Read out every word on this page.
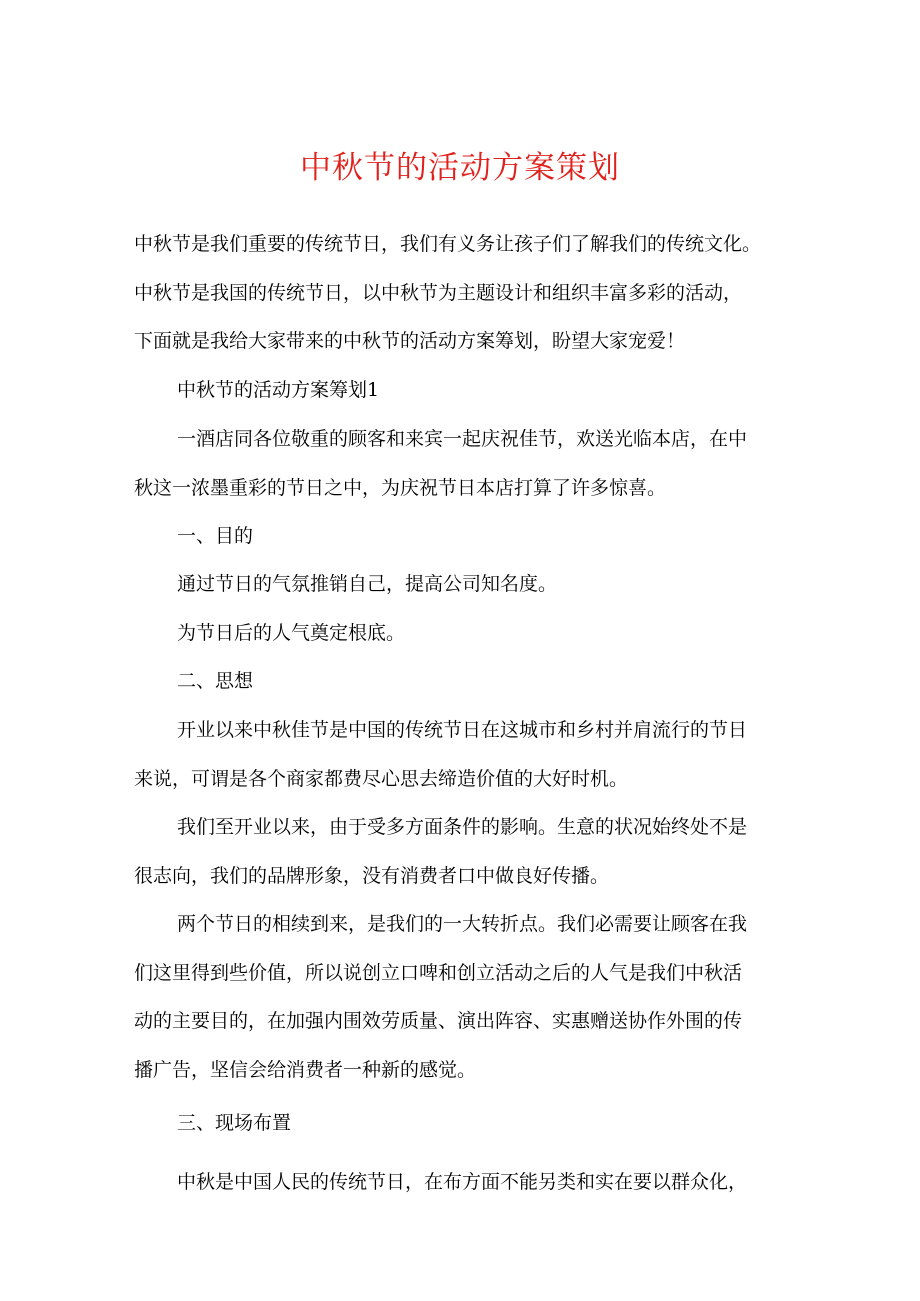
中秋节的活动方案策划

中秋节是我们重要的传统节日，我们有义务让孩子们了解我们的传统文化。
中秋节是我国的传统节日，以中秋节为主题设计和组织丰富多彩的活动，
下面就是我给大家带来的中秋节的活动方案筹划，盼望大家宠爱！

中秋节的活动方案筹划1

一酒店同各位敬重的顾客和来宾一起庆祝佳节，欢送光临本店，在中
秋这一浓墨重彩的节日之中，为庆祝节日本店打算了许多惊喜。

一、目的

通过节日的气氛推销自己，提高公司知名度。

为节日后的人气奠定根底。

二、思想

开业以来中秋佳节是中国的传统节日在这城市和乡村并肩流行的节日
来说，可谓是各个商家都费尽心思去缔造价值的大好时机。

我们至开业以来，由于受多方面条件的影响。生意的状况始终处不是
很志向，我们的品牌形象，没有消费者口中做良好传播。

两个节日的相续到来，是我们的一大转折点。我们必需要让顾客在我
们这里得到些价值，所以说创立口啤和创立活动之后的人气是我们中秋活
动的主要目的，在加强内围效劳质量、演出阵容、实惠赠送协作外围的传
播广告，坚信会给消费者一种新的感觉。

三、现场布置

中秋是中国人民的传统节日，在布方面不能另类和实在要以群众化，
